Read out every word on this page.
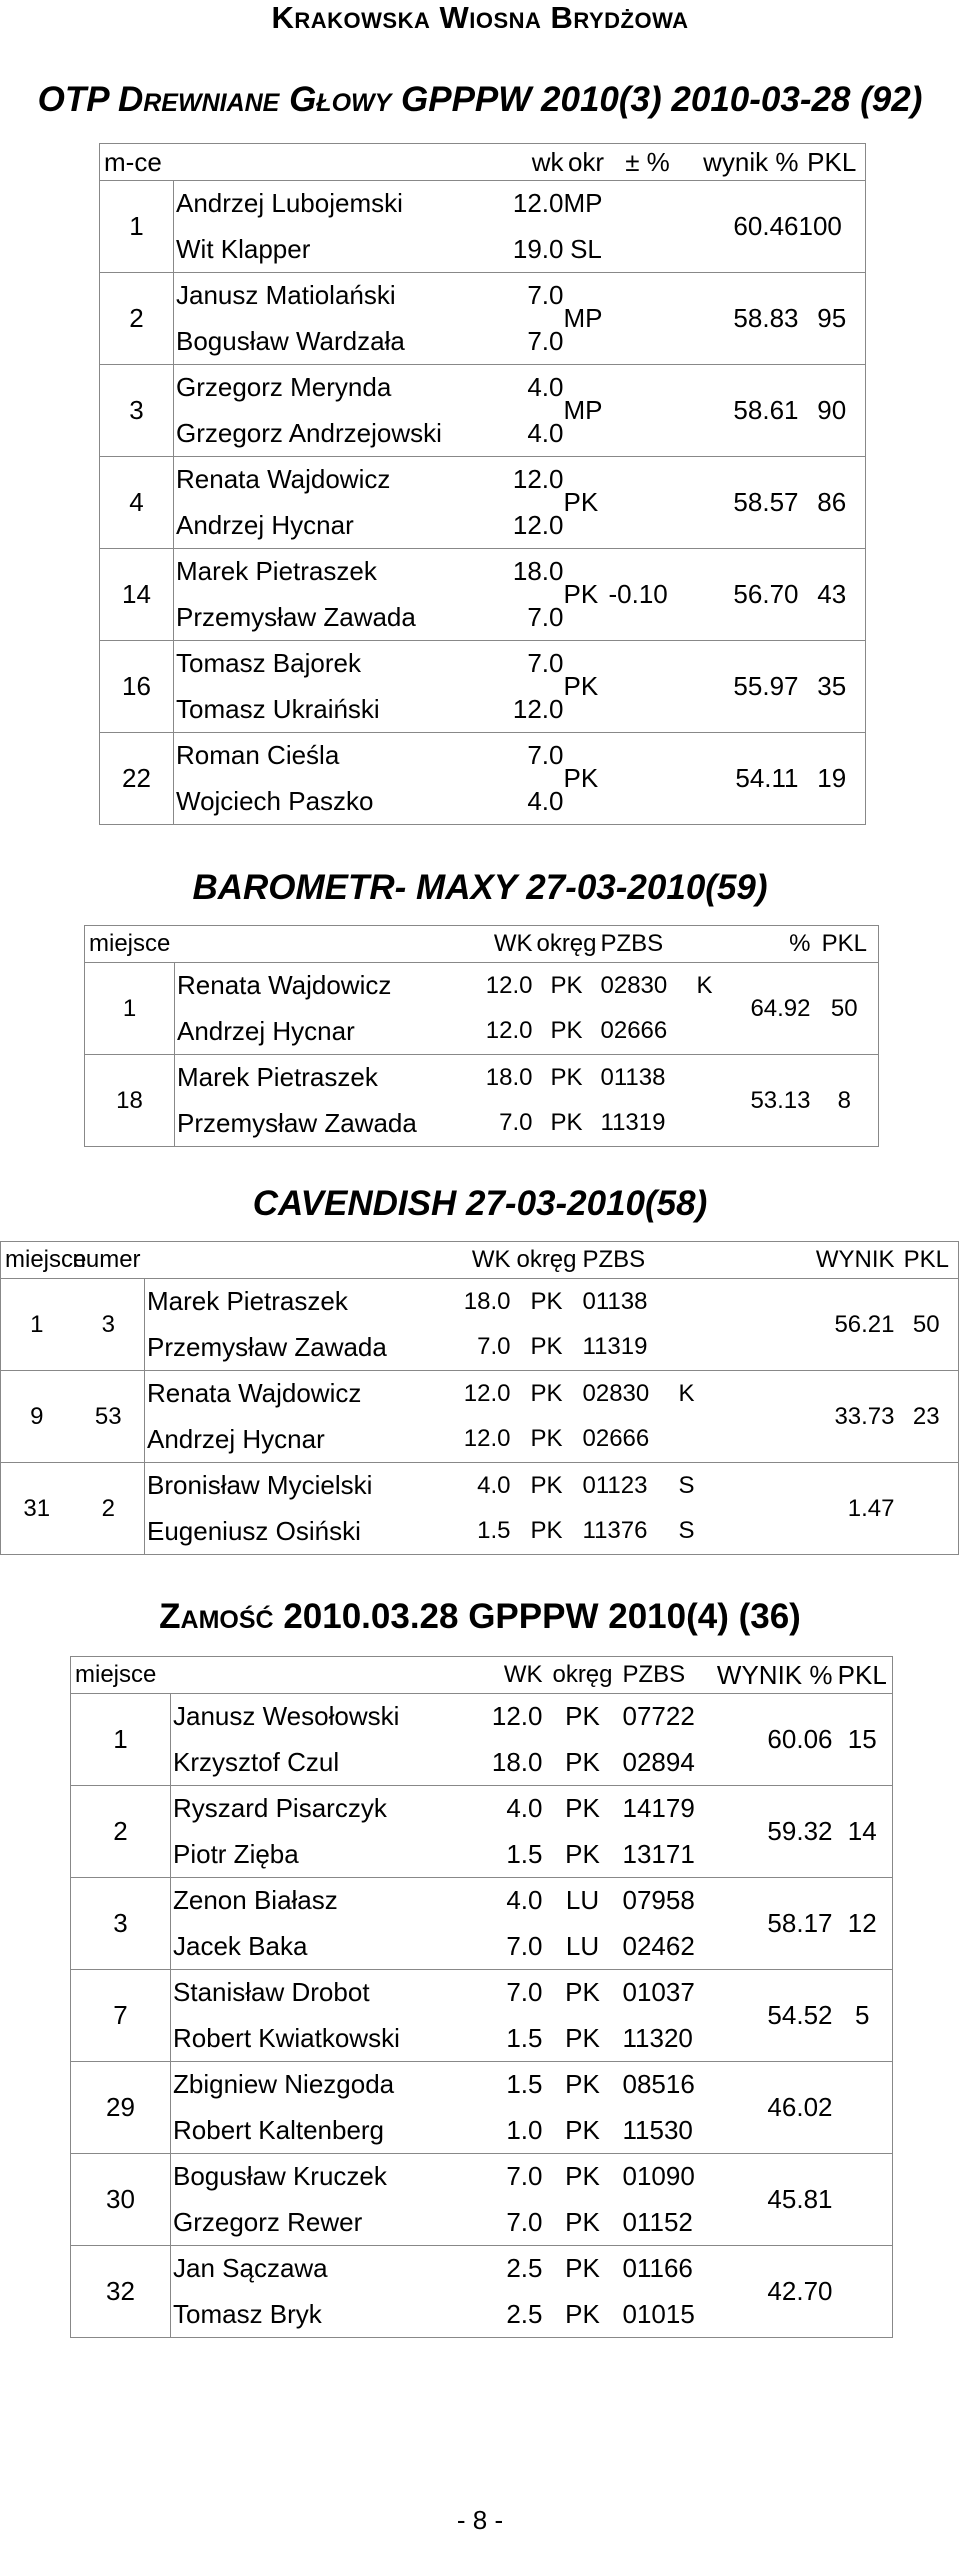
Krakowska Wiosna Brydżowa
OTP Drewniane Głowy GPPPW 2010(3) 2010-03-28 (92)
m-ce		wk	okr	± %	wynik %	PKL
1	Andrzej Lubojemski	12.0	MP		60.46	100
	Wit Klapper	19.0	SL			
2	Janusz Matiolański	7.0	MP		58.83	95
	Bogusław Wardzała	7.0				
3	Grzegorz Merynda	4.0	MP		58.61	90
	Grzegorz Andrzejowski	4.0				
4	Renata Wajdowicz	12.0	PK		58.57	86
	Andrzej Hycnar	12.0				
14	Marek Pietraszek	18.0	PK	-0.10	56.70	43
	Przemysław Zawada	7.0				
16	Tomasz Bajorek	7.0	PK		55.97	35
	Tomasz Ukraiński	12.0				
22	Roman Cieśla	7.0	PK		54.11	19
	Wojciech Paszko	4.0				
BAROMETR- MAXY 27-03-2010(59)
miejsce		WK	okręg	PZBS		%	PKL
1	Renata Wajdowicz	12.0	PK	02830	K	64.92	50
	Andrzej Hycnar	12.0	PK	02666			
18	Marek Pietraszek	18.0	PK	01138		53.13	8
	Przemysław Zawada	7.0	PK	11319			
CAVENDISH 27-03-2010(58)
miejsce	numer		WK	okręg	PZBS		WYNIK	PKL
1	3	Marek Pietraszek	18.0	PK	01138		56.21	50
		Przemysław Zawada	7.0	PK	11319			
9	53	Renata Wajdowicz	12.0	PK	02830	K	33.73	23
		Andrzej Hycnar	12.0	PK	02666			
31	2	Bronisław Mycielski	4.0	PK	01123	S	1.47	
		Eugeniusz Osiński	1.5	PK	11376	S		
Zamość 2010.03.28 GPPPW 2010(4) (36)
miejsce		WK	okręg	PZBS	WYNIK %	PKL
1	Janusz Wesołowski	12.0	PK	07722	60.06	15
	Krzysztof Czul	18.0	PK	02894		
2	Ryszard Pisarczyk	4.0	PK	14179	59.32	14
	Piotr Zięba	1.5	PK	13171		
3	Zenon Białasz	4.0	LU	07958	58.17	12
	Jacek Baka	7.0	LU	02462		
7	Stanisław Drobot	7.0	PK	01037	54.52	5
	Robert Kwiatkowski	1.5	PK	11320		
29	Zbigniew Niezgoda	1.5	PK	08516	46.02	
	Robert Kaltenberg	1.0	PK	11530		
30	Bogusław Kruczek	7.0	PK	01090	45.81	
	Grzegorz Rewer	7.0	PK	01152		
32	Jan Sączawa	2.5	PK	01166	42.70	
	Tomasz Bryk	2.5	PK	01015		
- 8 -
